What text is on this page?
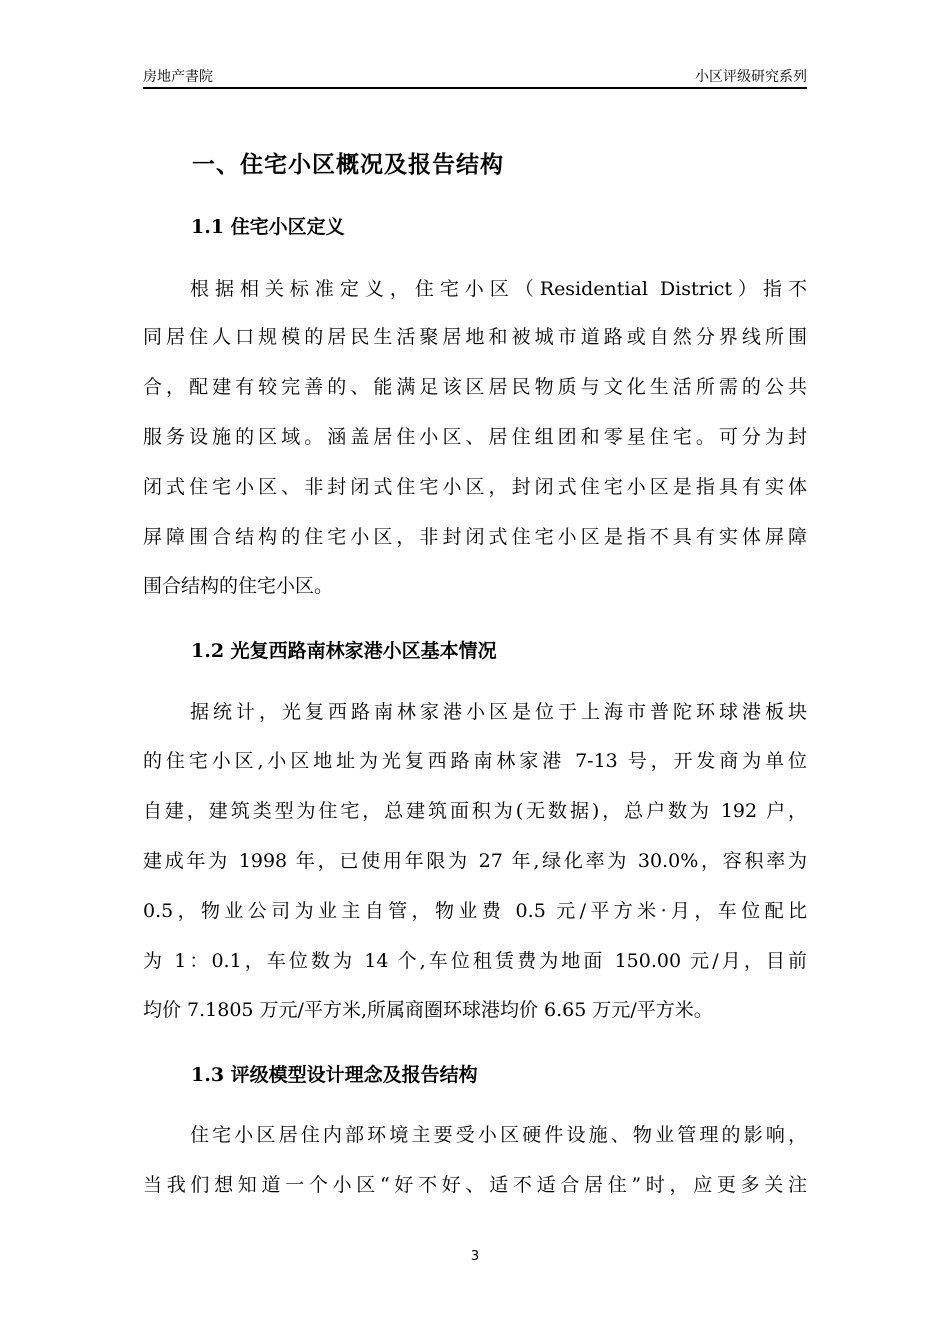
房地产書院	小区评级研究系列
一、住宅小区概况及报告结构
1.1 住宅小区定义
根据相关标准定义，住宅小区（Residential District）指不
同居住人口规模的居民生活聚居地和被城市道路或自然分界线所围
合，配建有较完善的、能满足该区居民物质与文化生活所需的公共
服务设施的区域。涵盖居住小区、居住组团和零星住宅。可分为封
闭式住宅小区、非封闭式住宅小区，封闭式住宅小区是指具有实体
屏障围合结构的住宅小区，非封闭式住宅小区是指不具有实体屏障
围合结构的住宅小区。
1.2 光复西路南林家港小区基本情况
据统计，光复西路南林家港小区是位于上海市普陀环球港板块
的住宅小区,小区地址为光复西路南林家港 7-13 号，开发商为单位
自建，建筑类型为住宅，总建筑面积为(无数据)，总户数为 192 户，
建成年为 1998 年，已使用年限为 27 年,绿化率为 30.0%，容积率为
0.5，物业公司为业主自管，物业费 0.5 元/平方米·月，车位配比
为 1：0.1，车位数为 14 个,车位租赁费为地面 150.00 元/月，目前
均价 7.1805 万元/平方米,所属商圈环球港均价 6.65 万元/平方米。
1.3 评级模型设计理念及报告结构
住宅小区居住内部环境主要受小区硬件设施、物业管理的影响，
当我们想知道一个小区“好不好、适不适合居住”时，应更多关注
3
